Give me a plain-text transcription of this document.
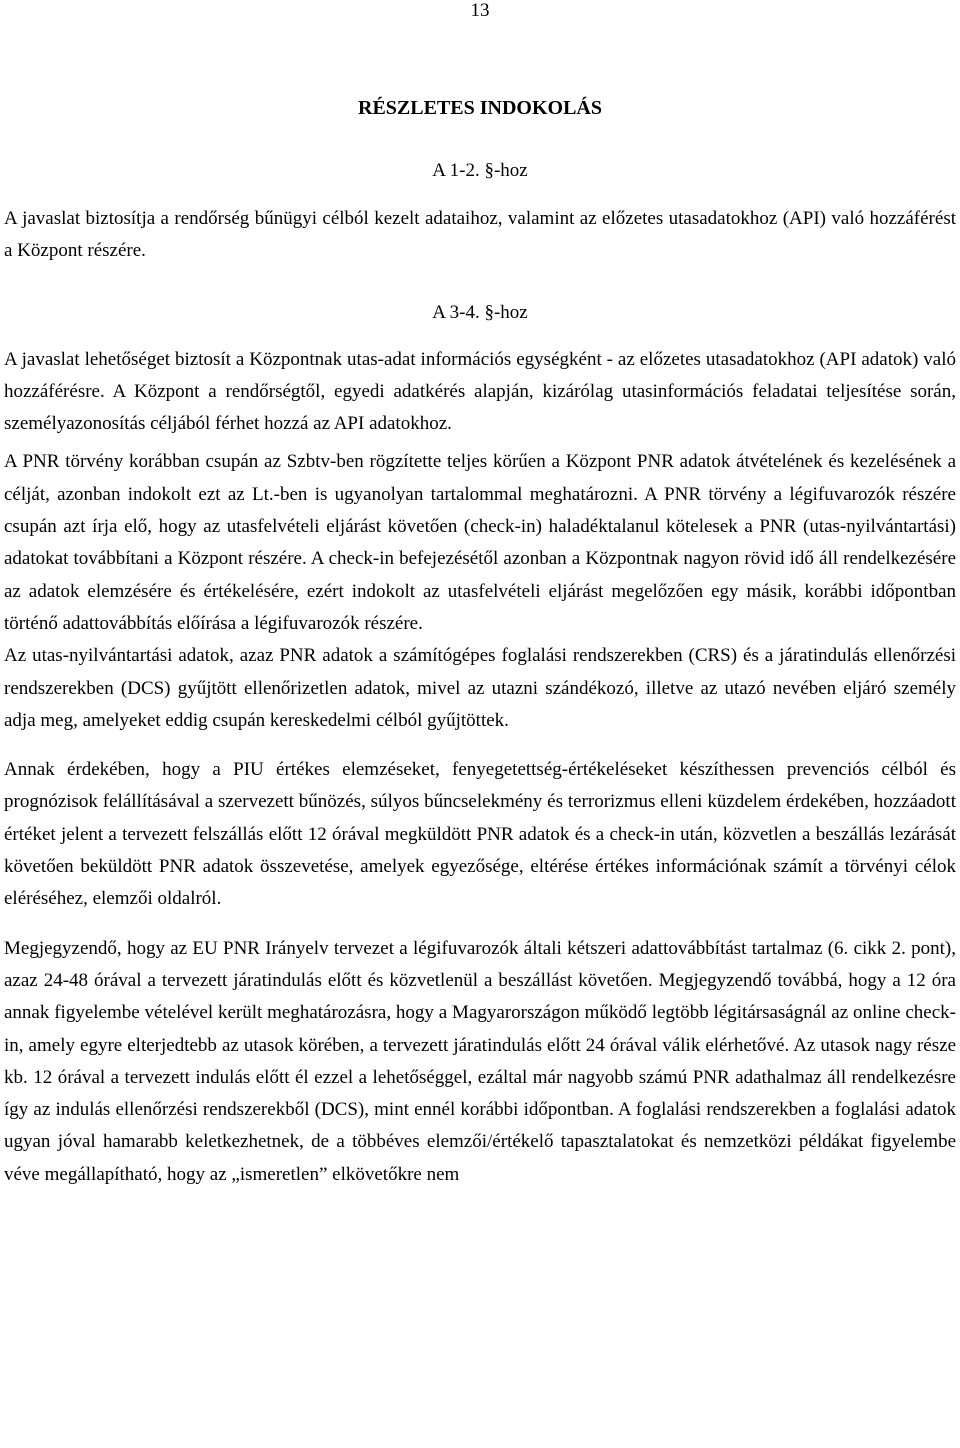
13
RÉSZLETES INDOKOLÁS
A 1-2. §-hoz

A javaslat biztosítja a rendőrség bűnügyi célból kezelt adataihoz, valamint az előzetes utasadatokhoz (API) való hozzáférést a Központ részére.

A 3-4. §-hoz

A javaslat lehetőséget biztosít a Központnak utas-adat információs egységként - az előzetes utasadatokhoz (API adatok) való hozzáférésre. A Központ a rendőrségtől, egyedi adatkérés alapján, kizárólag utasinformációs feladatai teljesítése során, személyazonosítás céljából férhet hozzá az API adatokhoz.

A PNR törvény korábban csupán az Szbtv-ben rögzítette teljes körűen a Központ PNR adatok átvételének és kezelésének a célját, azonban indokolt ezt az Lt.-ben is ugyanolyan tartalommal meghatározni. A PNR törvény a légifuvarozók részére csupán azt írja elő, hogy az utasfelvételi eljárást követően (check-in) haladéktalanul kötelesek a PNR (utas-nyilvántartási) adatokat továbbítani a Központ részére. A check-in befejezésétől azonban a Központnak nagyon rövid idő áll rendelkezésére az adatok elemzésére és értékelésére, ezért indokolt az utasfelvételi eljárást megelőzően egy másik, korábbi időpontban történő adattovábbítás előírása a légifuvarozók részére.

Az utas-nyilvántartási adatok, azaz PNR adatok a számítógépes foglalási rendszerekben (CRS) és a járatindulás ellenőrzési rendszerekben (DCS) gyűjtött ellenőrizetlen adatok, mivel az utazni szándékozó, illetve az utazó nevében eljáró személy adja meg, amelyeket eddig csupán kereskedelmi célból gyűjtöttek.

Annak érdekében, hogy a PIU értékes elemzéseket, fenyegetettség-értékeléseket készíthessen prevenciós célból és prognózisok felállításával a szervezett bűnözés, súlyos bűncselekmény és terrorizmus elleni küzdelem érdekében, hozzáadott értéket jelent a tervezett felszállás előtt 12 órával megküldött PNR adatok és a check-in után, közvetlen a beszállás lezárását követően beküldött PNR adatok összevetése, amelyek egyezősége, eltérése értékes információnak számít a törvényi célok eléréséhez, elemzői oldalról.

Megjegyzendő, hogy az EU PNR Irányelv tervezet a légifuvarozók általi kétszeri adattovábbítást tartalmaz (6. cikk 2. pont), azaz 24-48 órával a tervezett járatindulás előtt és közvetlenül a beszállást követően. Megjegyzendő továbbá, hogy a 12 óra annak figyelembe vételével került meghatározásra, hogy a Magyarországon működő legtöbb légitársaságnál az online check-in, amely egyre elterjedtebb az utasok körében, a tervezett járatindulás előtt 24 órával válik elérhetővé. Az utasok nagy része kb. 12 órával a tervezett indulás előtt él ezzel a lehetőséggel, ezáltal már nagyobb számú PNR adathalmaz áll rendelkezésre így az indulás ellenőrzési rendszerekből (DCS), mint ennél korábbi időpontban. A foglalási rendszerekben a foglalási adatok ugyan jóval hamarabb keletkezhetnek, de a többéves elemzői/értékelő tapasztalatokat és nemzetközi példákat figyelembe véve megállapítható, hogy az „ismeretlen” elkövetőkre nem
